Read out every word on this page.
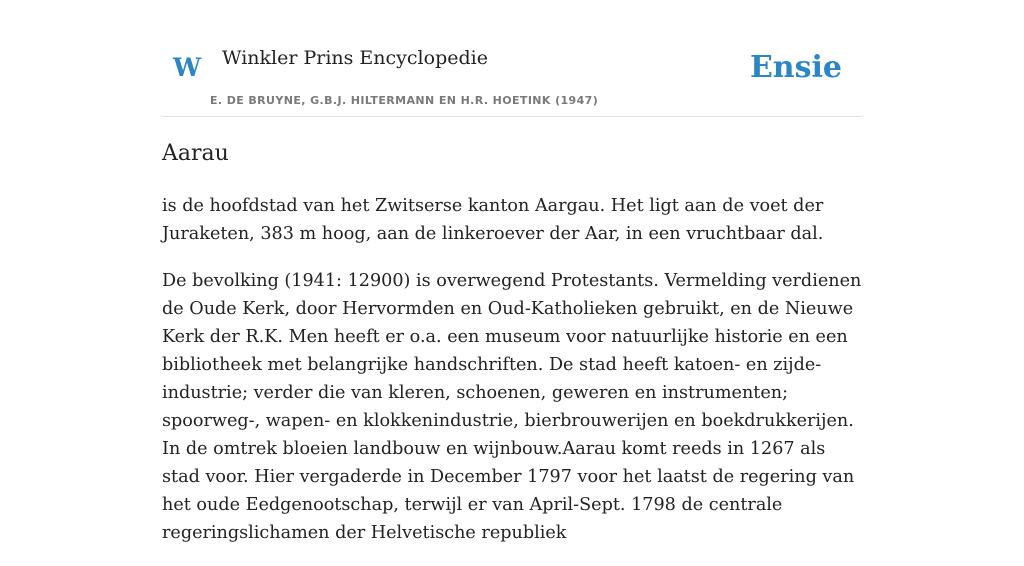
W Winkler Prins Encyclopedie
E. DE BRUYNE, G.B.J. HILTERMANN EN H.R. HOETINK (1947)
Ensie
Aarau

is de hoofdstad van het Zwitserse kanton Aargau. Het ligt aan de voet der Juraketen, 383 m hoog, aan de linkeroever der Aar, in een vruchtbaar dal.

De bevolking (1941: 12900) is overwegend Protestants. Vermelding verdienen de Oude Kerk, door Hervormden en Oud-Katholieken gebruikt, en de Nieuwe Kerk der R.K. Men heeft er o.a. een museum voor natuurlijke historie en een bibliotheek met belangrijke handschriften. De stad heeft katoen- en zijde-industrie; verder die van kleren, schoenen, geweren en instrumenten; spoorweg-, wapen- en klokkenindustrie, bierbrouwerijen en boekdrukkerijen. In de omtrek bloeien landbouw en wijnbouw.Aarau komt reeds in 1267 als stad voor. Hier vergaderde in December 1797 voor het laatst de regering van het oude Eedgenootschap, terwijl er van April-Sept. 1798 de centrale regeringslichamen der Helvetische republiek
